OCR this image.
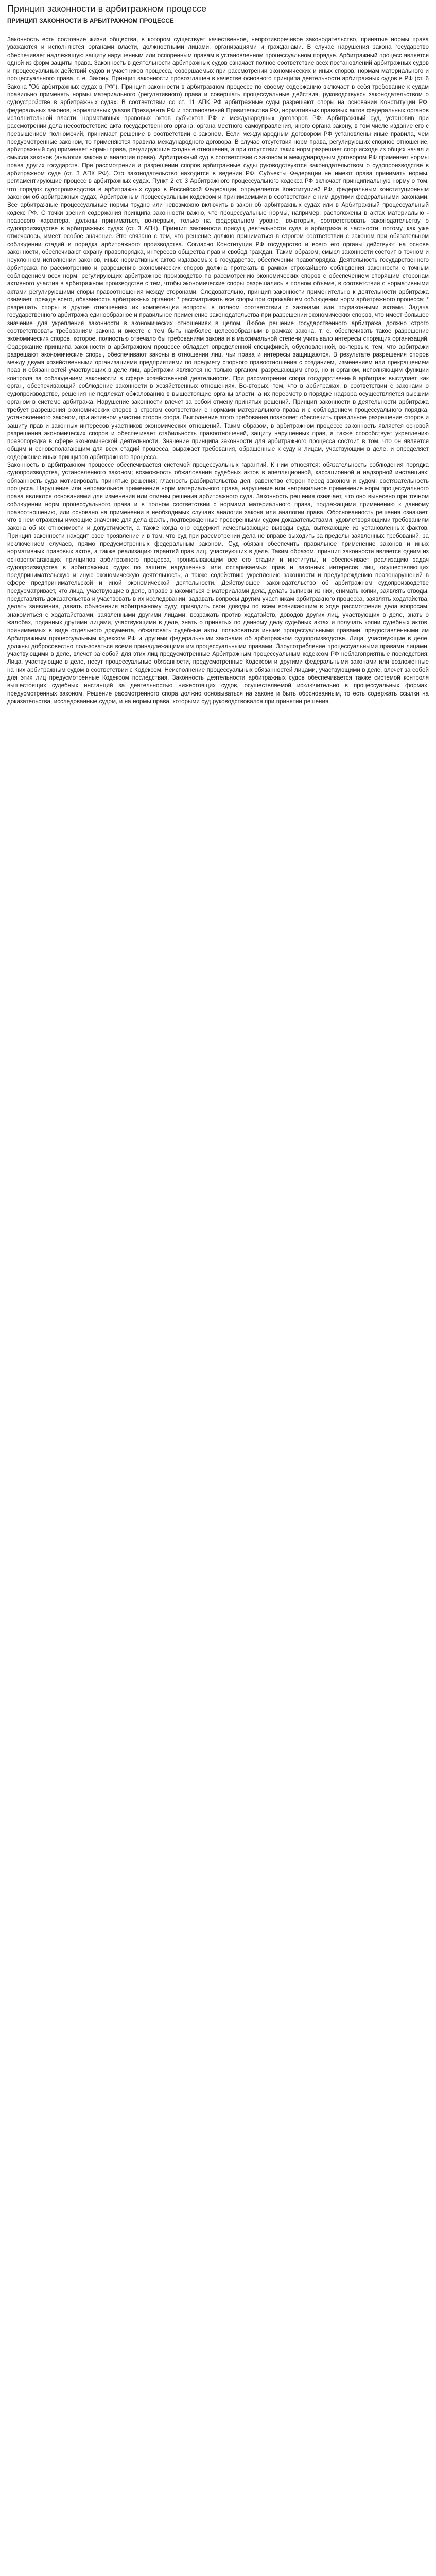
Принцип законности в арбитражном процессе
ПРИНЦИП ЗАКОННОСТИ В АРБИТРАЖНОМ ПРОЦЕССЕ

Законность есть состояние жизни общества, в котором существует качественное, непротиворечивое законодательство, принятые нормы права уважаются и исполняются органами власти, должностными лицами, организациями и гражданами. В случае нарушения закона государство обеспечивает надлежащую защиту нарушенным или оспоренным правам в установленном процессуальном порядке. Арбитражный процесс является одной из форм защиты права. Законность в деятельности арбитражных судов означает полное соответствие всех постановлений арбитражных судов и процессуальных действий судов и участников процесса, совершаемых при рассмотрении экономических и иных споров, нормам материального и процессуального права, т. е. Закону. Принцип законности провозглашен в качестве основного принципа деятельности арбитражных судов в РФ (ст. 6 Закона "Об арбитражных судах в РФ"). Принцип законности в арбитражном процессе по своему содержанию включает в себя требование к судам правильно применять нормы материального (регулятивного) права и совершать процессуальные действия, руководствуясь законодательством о судоустройстве в арбитражных судах. В соответствии со ст. 11 АПК РФ арбитражные суды разрешают споры на основании Конституции РФ, федеральных законов, нормативных указов Президента РФ и постановлений Правительства РФ, нормативных правовых актов федеральных органов исполнительной власти, нормативных правовых актов субъектов РФ и международных договоров РФ. Арбитражный суд, установив при рассмотрении дела несоответствие акта государственного органа, органа местного самоуправления, иного органа закону, в том числе издание его с превышением полномочий, принимает решение в соответствии с законом. Если международным договором РФ установлены иные правила, чем предусмотренные законом, то применяются правила международного договора. В случае отсутствия норм права, регулирующих спорное отношение, арбитражный суд применяет нормы права, регулирующие сходные отношения, а при отсутствии таких норм разрешает спор исходя из общих начал и смысла законов (аналогия закона и аналогия права). Арбитражный суд в соответствии с законом и международным договором РФ применяет нормы права других государств. При рассмотрении и разрешении споров арбитражные суды руководствуются законодательством о судопроизводстве в арбитражном суде (ст. 3 АПК РФ). Это законодательство находится в ведении РФ. Субъекты Федерации не имеют права принимать нормы, регламентирующие процесс в арбитражных судах. Пункт 2 ст. 3 Арбитражного процессуального кодекса РФ включает принципиальную норму о том, что порядок судопроизводства в арбитражных судах в Российской Федерации, определяется Конституцией РФ, федеральным конституционным законом об арбитражных судах, Арбитражным процессуальным кодексом и принимаемыми в соответствии с ним другими федеральными законами. Все арбитражные процессуальные нормы трудно или невозможно включить в закон об арбитражных судах или в Арбитражный процессуальный кодекс РФ. С точки зрения содержания принципа законности важно, что процессуальные нормы, например, расположены в актах материально - правового характера, должны приниматься, во-первых, только на федеральном уровне, во-вторых, соответствовать законодательству о судопроизводстве в арбитражных судах (ст. 3 АПК). Принцип законности присущ деятельности суда и арбитража в частности, потому, как уже отмечалось, имеет особое значение. Это связано с тем, что решение должно приниматься в строгом соответствии с законом при обязательном соблюдении стадий и порядка арбитражного производства. Согласно Конституции РФ государство и всего его органы действуют на основе законности, обеспечивают охрану правопорядка, интересов общества прав и свобод граждан. Таким образом, смысл законности состоит в точном и неуклонном исполнении законов, иных нормативных актов издаваемых в государстве, обеспечении правопорядка. Деятельность государственного арбитража по рассмотрению и разрешению экономических споров должна протекать в рамках строжайшего соблюдения законности с точным соблюдением всех норм, регулирующих арбитражное производство по рассмотрению экономических споров с обеспечением спорящим сторонам активного участия в арбитражном производстве с тем, чтобы экономические споры разрешались в полном объеме, в соответствии с нормативными актами регулирующими споры правоотношения между сторонами. Следовательно, принцип законности применительно к деятельности арбитража означает, прежде всего, обязанность арбитражных органов: * рассматривать все споры при строжайшем соблюдении норм арбитражного процесса; * разрешать споры в другие отношениях их компетенции вопросы в полном соответствии с законами или подзаконными актами. Задача государственного арбитража единообразное и правильное применение законодательства при разрешении экономических споров, что имеет большое значение для укрепления законности в экономических отношениях в целом. Любое решение государственного арбитража должно строго соответствовать требованиям закона и вместе с тем быть наиболее целесообразным в рамках закона, т. е. обеспечивать такое разрешение экономических споров, которое, полностью отвечало бы требованиям закона и в максимальной степени учитывало интересы спорящих организаций. Содержание принципа законности в арбитражном процессе обладает определенной спецификой, обусловленной, во-первых, тем, что арбитражи разрешают экономические споры, обеспечивают законы в отношении лиц, чьи права и интересы защищаются. В результате разрешения споров между двумя хозяйственными организациями предприятиями по предмету спорного правоотношения с созданием, изменением или прекращением прав и обязанностей участвующих в деле лиц, арбитражи являются не только органом, разрешающим спор, но и органом, исполняющим функции контроля за соблюдением законности в сфере хозяйственной деятельности. При рассмотрении спора государственный арбитраж выступает как орган, обеспечивающий соблюдение законности в хозяйственных отношениях. Во-вторых, тем, что в арбитражах, в соответствии с законами о судопроизводстве, решения не подлежат обжалованию в вышестоящие органы власти, а их пересмотр в порядке надзора осуществляется высшим органом в системе арбитража. Нарушение законности влечет за собой отмену принятых решений. Принцип законности в деятельности арбитража требует разрешения экономических споров в строгом соответствии с нормами материального права и с соблюдением процессуального порядка, установленного законом, при активном участии сторон спора. Выполнение этого требования позволяет обеспечить правильное разрешение споров и защиту прав и законных интересов участников экономических отношений. Таким образом, в арбитражном процессе законность является основой разрешения экономических споров и обеспечивает стабильность правоотношений, защиту нарушенных прав, а также способствует укреплению правопорядка в сфере экономической деятельности. Значение принципа законности для арбитражного процесса состоит в том, что он является общим и основополагающим для всех стадий процесса, выражает требования, обращенные к суду и лицам, участвующим в деле, и определяет содержание иных принципов арбитражного процесса.

Законность в арбитражном процессе обеспечивается системой процессуальных гарантий. К ним относятся: обязательность соблюдения порядка судопроизводства, установленного законом; возможность обжалования судебных актов в апелляционной, кассационной и надзорной инстанциях; обязанность суда мотивировать принятые решения; гласность разбирательства дел; равенство сторон перед законом и судом; состязательность процесса. Нарушение или неправильное применение норм материального права, нарушение или неправильное применение норм процессуального права являются основаниями для изменения или отмены решения арбитражного суда. Законность решения означает, что оно вынесено при точном соблюдении норм процессуального права и в полном соответствии с нормами материального права, подлежащими применению к данному правоотношению, или основано на применении в необходимых случаях аналогии закона или аналогии права. Обоснованность решения означает, что в нем отражены имеющие значение для дела факты, подтвержденные проверенными судом доказательствами, удовлетворяющими требованиям закона об их относимости и допустимости, а также когда оно содержит исчерпывающие выводы суда, вытекающие из установленных фактов. Принцип законности находит свое проявление и в том, что суд при рассмотрении дела не вправе выходить за пределы заявленных требований, за исключением случаев, прямо предусмотренных федеральным законом. Суд обязан обеспечить правильное применение законов и иных нормативных правовых актов, а также реализацию гарантий прав лиц, участвующих в деле. Таким образом, принцип законности является одним из основополагающих принципов арбитражного процесса, пронизывающим все его стадии и институты, и обеспечивает реализацию задач судопроизводства в арбитражных судах по защите нарушенных или оспариваемых прав и законных интересов лиц, осуществляющих предпринимательскую и иную экономическую деятельность, а также содействию укреплению законности и предупреждению правонарушений в сфере предпринимательской и иной экономической деятельности. Действующее законодательство об арбитражном судопроизводстве предусматривает, что лица, участвующие в деле, вправе знакомиться с материалами дела, делать выписки из них, снимать копии, заявлять отводы, представлять доказательства и участвовать в их исследовании, задавать вопросы другим участникам арбитражного процесса, заявлять ходатайства, делать заявления, давать объяснения арбитражному суду, приводить свои доводы по всем возникающим в ходе рассмотрения дела вопросам, знакомиться с ходатайствами, заявленными другими лицами, возражать против ходатайств, доводов других лиц, участвующих в деле, знать о жалобах, поданных другими лицами, участвующими в деле, знать о принятых по данному делу судебных актах и получать копии судебных актов, принимаемых в виде отдельного документа, обжаловать судебные акты, пользоваться иными процессуальными правами, предоставленными им Арбитражным процессуальным кодексом РФ и другими федеральными законами об арбитражном судопроизводстве. Лица, участвующие в деле, должны добросовестно пользоваться всеми принадлежащими им процессуальными правами. Злоупотребление процессуальными правами лицами, участвующими в деле, влечет за собой для этих лиц предусмотренные Арбитражным процессуальным кодексом РФ неблагоприятные последствия. Лица, участвующие в деле, несут процессуальные обязанности, предусмотренные Кодексом и другими федеральными законами или возложенные на них арбитражным судом в соответствии с Кодексом. Неисполнение процессуальных обязанностей лицами, участвующими в деле, влечет за собой для этих лиц предусмотренные Кодексом последствия. Законность деятельности арбитражных судов обеспечивается также системой контроля вышестоящих судебных инстанций за деятельностью нижестоящих судов, осуществляемой исключительно в процессуальных формах, предусмотренных законом. Решение рассмотренного спора должно основываться на законе и быть обоснованным, то есть содержать ссылки на доказательства, исследованные судом, и на нормы права, которыми суд руководствовался при принятии решения.
